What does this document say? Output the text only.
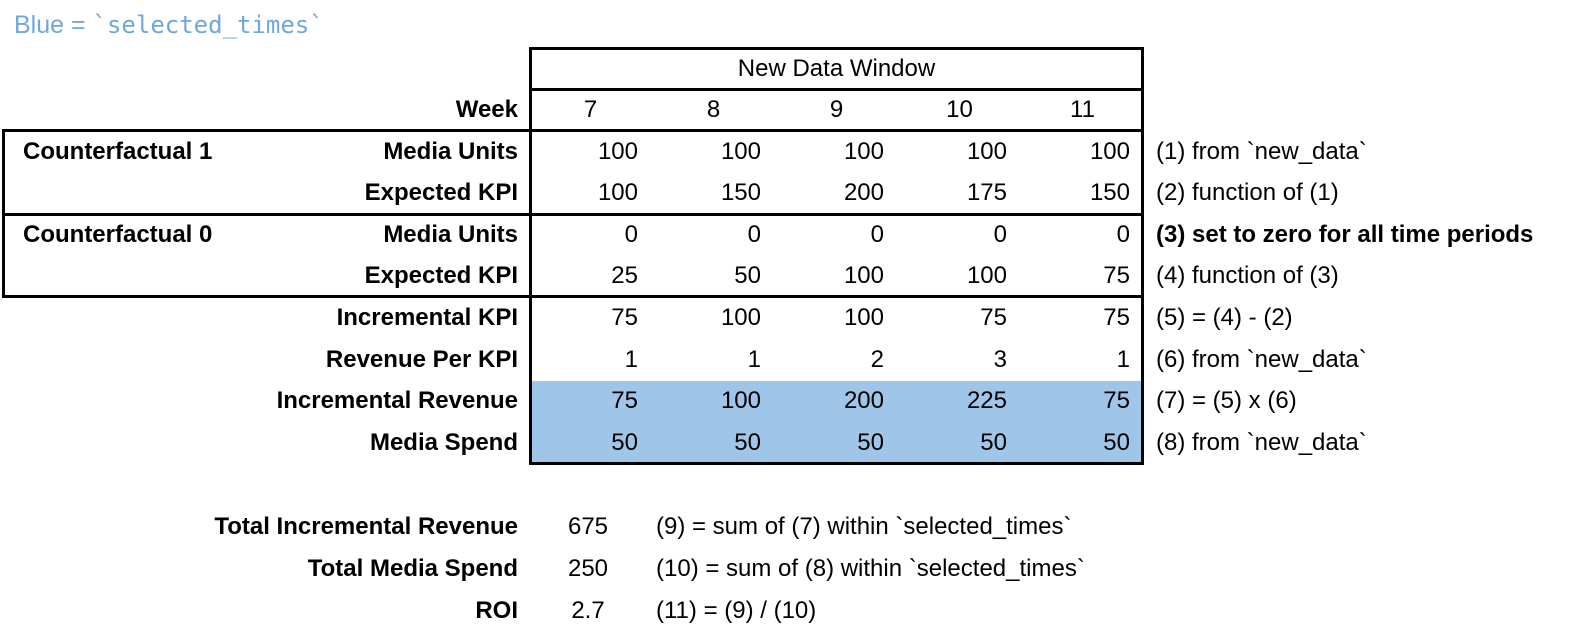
Blue = `selected_times`
New Data Window
Week	7	8	9	10	11
Counterfactual 1	Media Units	100	100	100	100	100	(1) from `new_data`
Expected KPI	100	150	200	175	150	(2) function of (1)
Counterfactual 0	Media Units	0	0	0	0	0	(3) set to zero for all time periods
Expected KPI	25	50	100	100	75	(4) function of (3)
Incremental KPI	75	100	100	75	75	(5) = (4) - (2)
Revenue Per KPI	1	1	2	3	1	(6) from `new_data`
Incremental Revenue	75	100	200	225	75	(7) = (5) x (6)
Media Spend	50	50	50	50	50	(8) from `new_data`
Total Incremental Revenue	675	(9) = sum of (7) within `selected_times`
Total Media Spend	250	(10) = sum of (8) within `selected_times`
ROI	2.7	(11) = (9) / (10)
